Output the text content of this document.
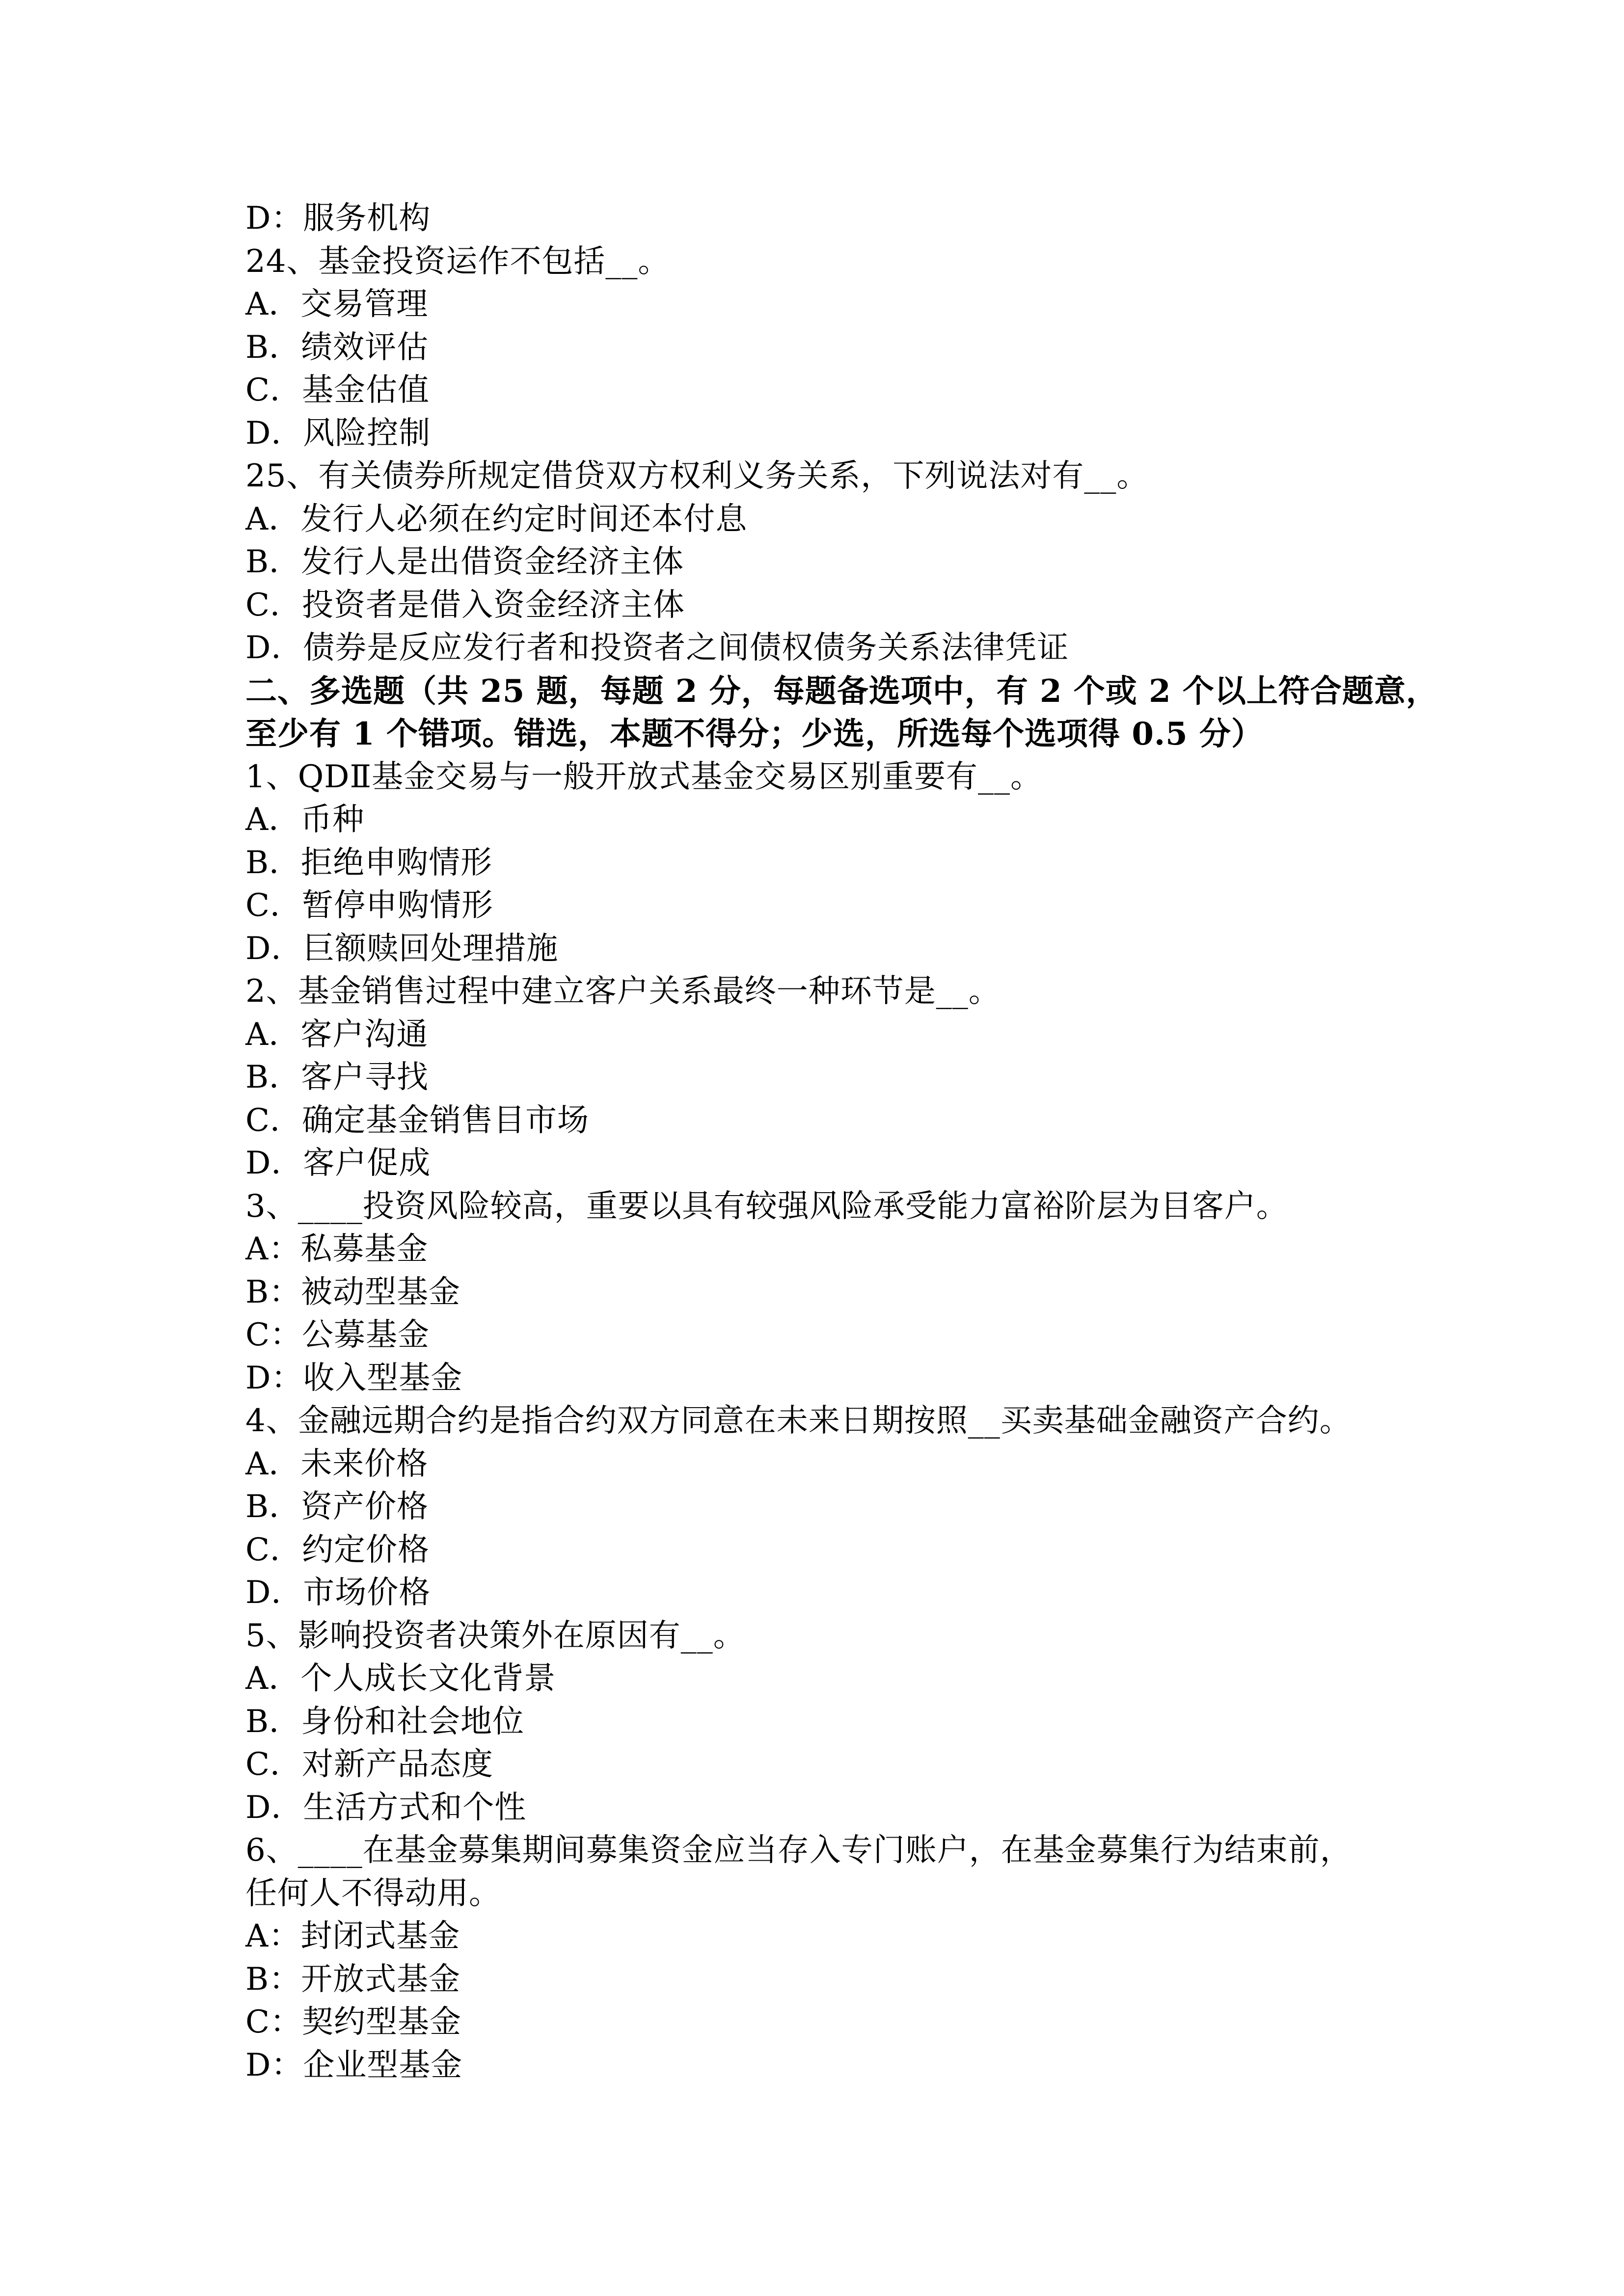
D：服务机构
24、基金投资运作不包括__。
A．交易管理
B．绩效评估
C．基金估值
D．风险控制
25、有关债券所规定借贷双方权利义务关系，下列说法对有__。
A．发行人必须在约定时间还本付息
B．发行人是出借资金经济主体
C．投资者是借入资金经济主体
D．债券是反应发行者和投资者之间债权债务关系法律凭证
二、多选题（共 25 题，每题 2 分，每题备选项中，有 2 个或 2 个以上符合题意，
至少有 1 个错项。错选，本题不得分；少选，所选每个选项得 0.5 分）
1、QDⅡ基金交易与一般开放式基金交易区别重要有__。
A．币种
B．拒绝申购情形
C．暂停申购情形
D．巨额赎回处理措施
2、基金销售过程中建立客户关系最终一种环节是__。
A．客户沟通
B．客户寻找
C．确定基金销售目市场
D．客户促成
3、____投资风险较高，重要以具有较强风险承受能力富裕阶层为目客户。
A：私募基金
B：被动型基金
C：公募基金
D：收入型基金
4、金融远期合约是指合约双方同意在未来日期按照__买卖基础金融资产合约。
A．未来价格
B．资产价格
C．约定价格
D．市场价格
5、影响投资者决策外在原因有__。
A．个人成长文化背景
B．身份和社会地位
C．对新产品态度
D．生活方式和个性
6、____在基金募集期间募集资金应当存入专门账户，在基金募集行为结束前，
任何人不得动用。
A：封闭式基金
B：开放式基金
C：契约型基金
D：企业型基金
